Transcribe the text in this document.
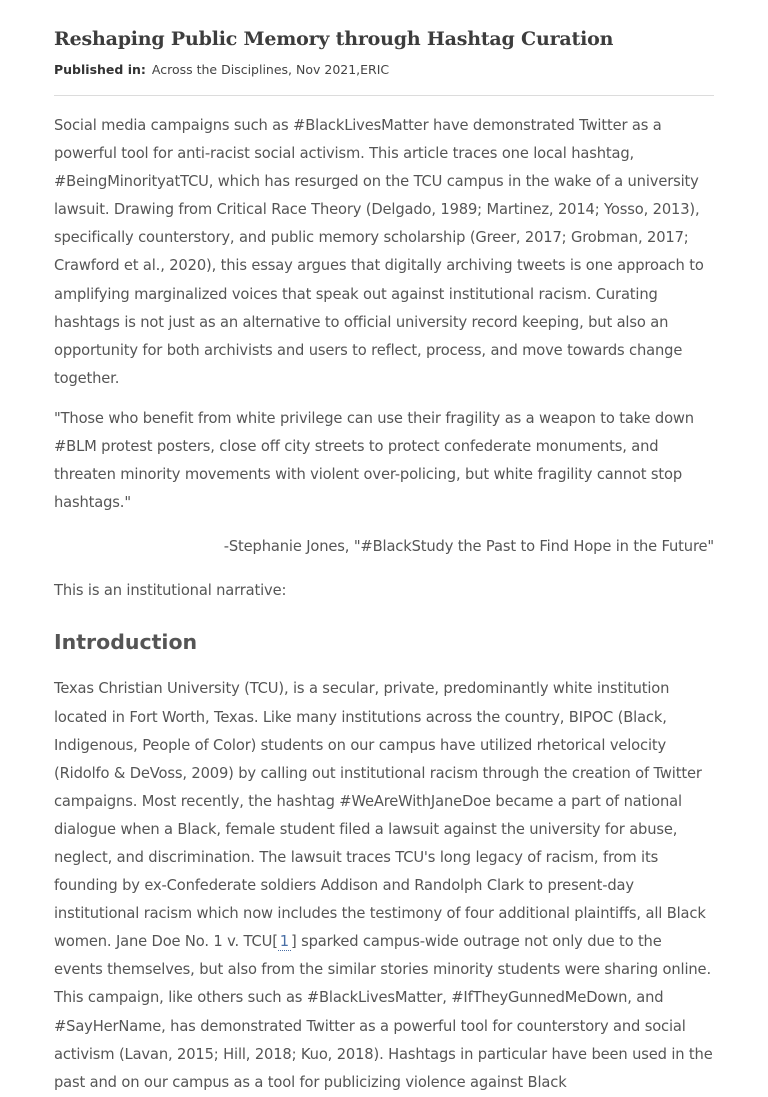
Reshaping Public Memory through Hashtag Curation
Published in: Across the Disciplines, Nov 2021,ERIC

Social media campaigns such as #BlackLivesMatter have demonstrated Twitter as a powerful tool for anti-racist social activism. This article traces one local hashtag, #BeingMinorityatTCU, which has resurged on the TCU campus in the wake of a university lawsuit. Drawing from Critical Race Theory (Delgado, 1989; Martinez, 2014; Yosso, 2013), specifically counterstory, and public memory scholarship (Greer, 2017; Grobman, 2017; Crawford et al., 2020), this essay argues that digitally archiving tweets is one approach to amplifying marginalized voices that speak out against institutional racism. Curating hashtags is not just as an alternative to official university record keeping, but also an opportunity for both archivists and users to reflect, process, and move towards change together.

"Those who benefit from white privilege can use their fragility as a weapon to take down #BLM protest posters, close off city streets to protect confederate monuments, and threaten minority movements with violent over-policing, but white fragility cannot stop hashtags."

-Stephanie Jones, "#BlackStudy the Past to Find Hope in the Future"

This is an institutional narrative:

Introduction

Texas Christian University (TCU), is a secular, private, predominantly white institution located in Fort Worth, Texas. Like many institutions across the country, BIPOC (Black, Indigenous, People of Color) students on our campus have utilized rhetorical velocity (Ridolfo & DeVoss, 2009) by calling out institutional racism through the creation of Twitter campaigns. Most recently, the hashtag #WeAreWithJaneDoe became a part of national dialogue when a Black, female student filed a lawsuit against the university for abuse, neglect, and discrimination. The lawsuit traces TCU's long legacy of racism, from its founding by ex-Confederate soldiers Addison and Randolph Clark to present-day institutional racism which now includes the testimony of four additional plaintiffs, all Black women. Jane Doe No. 1 v. TCU[ 1 ] sparked campus-wide outrage not only due to the events themselves, but also from the similar stories minority students were sharing online. This campaign, like others such as #BlackLivesMatter, #IfTheyGunnedMeDown, and #SayHerName, has demonstrated Twitter as a powerful tool for counterstory and social activism (Lavan, 2015; Hill, 2018; Kuo, 2018). Hashtags in particular have been used in the past and on our campus as a tool for publicizing violence against Black
